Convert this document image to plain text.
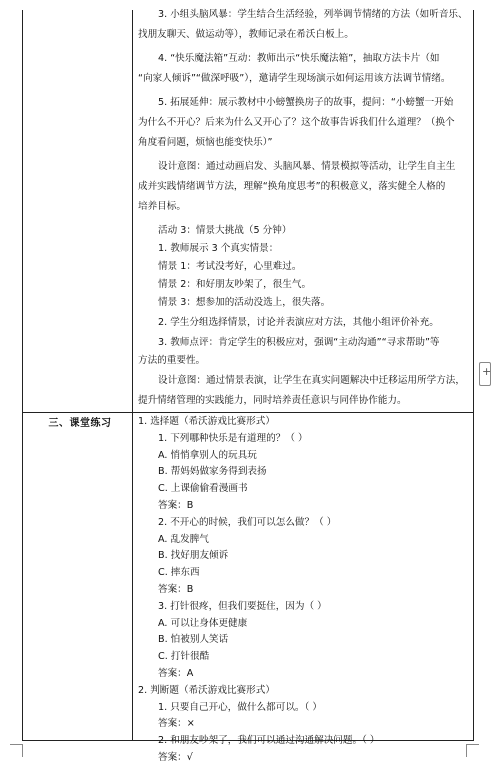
三、课堂练习
3. 小组头脑风暴：学生结合生活经验，列举调节情绪的方法（如听音乐、
找朋友聊天、做运动等），教师记录在希沃白板上。
4. “快乐魔法箱”互动：教师出示“快乐魔法箱”，抽取方法卡片（如
“向家人倾诉”“做深呼吸”），邀请学生现场演示如何运用该方法调节情绪。
5. 拓展延伸：展示教材中小螃蟹换房子的故事，提问：“小螃蟹一开始
为什么不开心？后来为什么又开心了？这个故事告诉我们什么道理？（换个
角度看问题，烦恼也能变快乐）”
设计意图：通过动画启发、头脑风暴、情景模拟等活动，让学生自主生
成并实践情绪调节方法，理解“换角度思考”的积极意义，落实健全人格的
培养目标。
活动 3：情景大挑战（5 分钟）
1. 教师展示 3 个真实情景：
情景 1：考试没考好，心里难过。
情景 2：和好朋友吵架了，很生气。
情景 3：想参加的活动没选上，很失落。
2. 学生分组选择情景，讨论并表演应对方法，其他小组评价补充。
3. 教师点评：肯定学生的积极应对，强调“主动沟通”“寻求帮助”等
方法的重要性。
1. 选择题（希沃游戏比赛形式）
1. 下列哪种快乐是有道理的？（ ）
A. 悄悄拿别人的玩具玩
B. 帮妈妈做家务得到表扬
C. 上课偷偷看漫画书
答案：B
2. 不开心的时候，我们可以怎么做？（ ）
A. 乱发脾气
B. 找好朋友倾诉
C. 摔东西
答案：B
3. 打针很疼，但我们要挺住，因为（ ）
A. 可以让身体更健康
B. 怕被别人笑话
C. 打针很酷
答案：A
2. 判断题（希沃游戏比赛形式）
1. 只要自己开心，做什么都可以。（ ）
答案：×
2. 和朋友吵架了，我们可以通过沟通解决问题。（ ）
答案：√
+
设计意图：通过情景表演，让学生在真实问题解决中迁移运用所学方法，
提升情绪管理的实践能力，同时培养责任意识与同伴协作能力。
